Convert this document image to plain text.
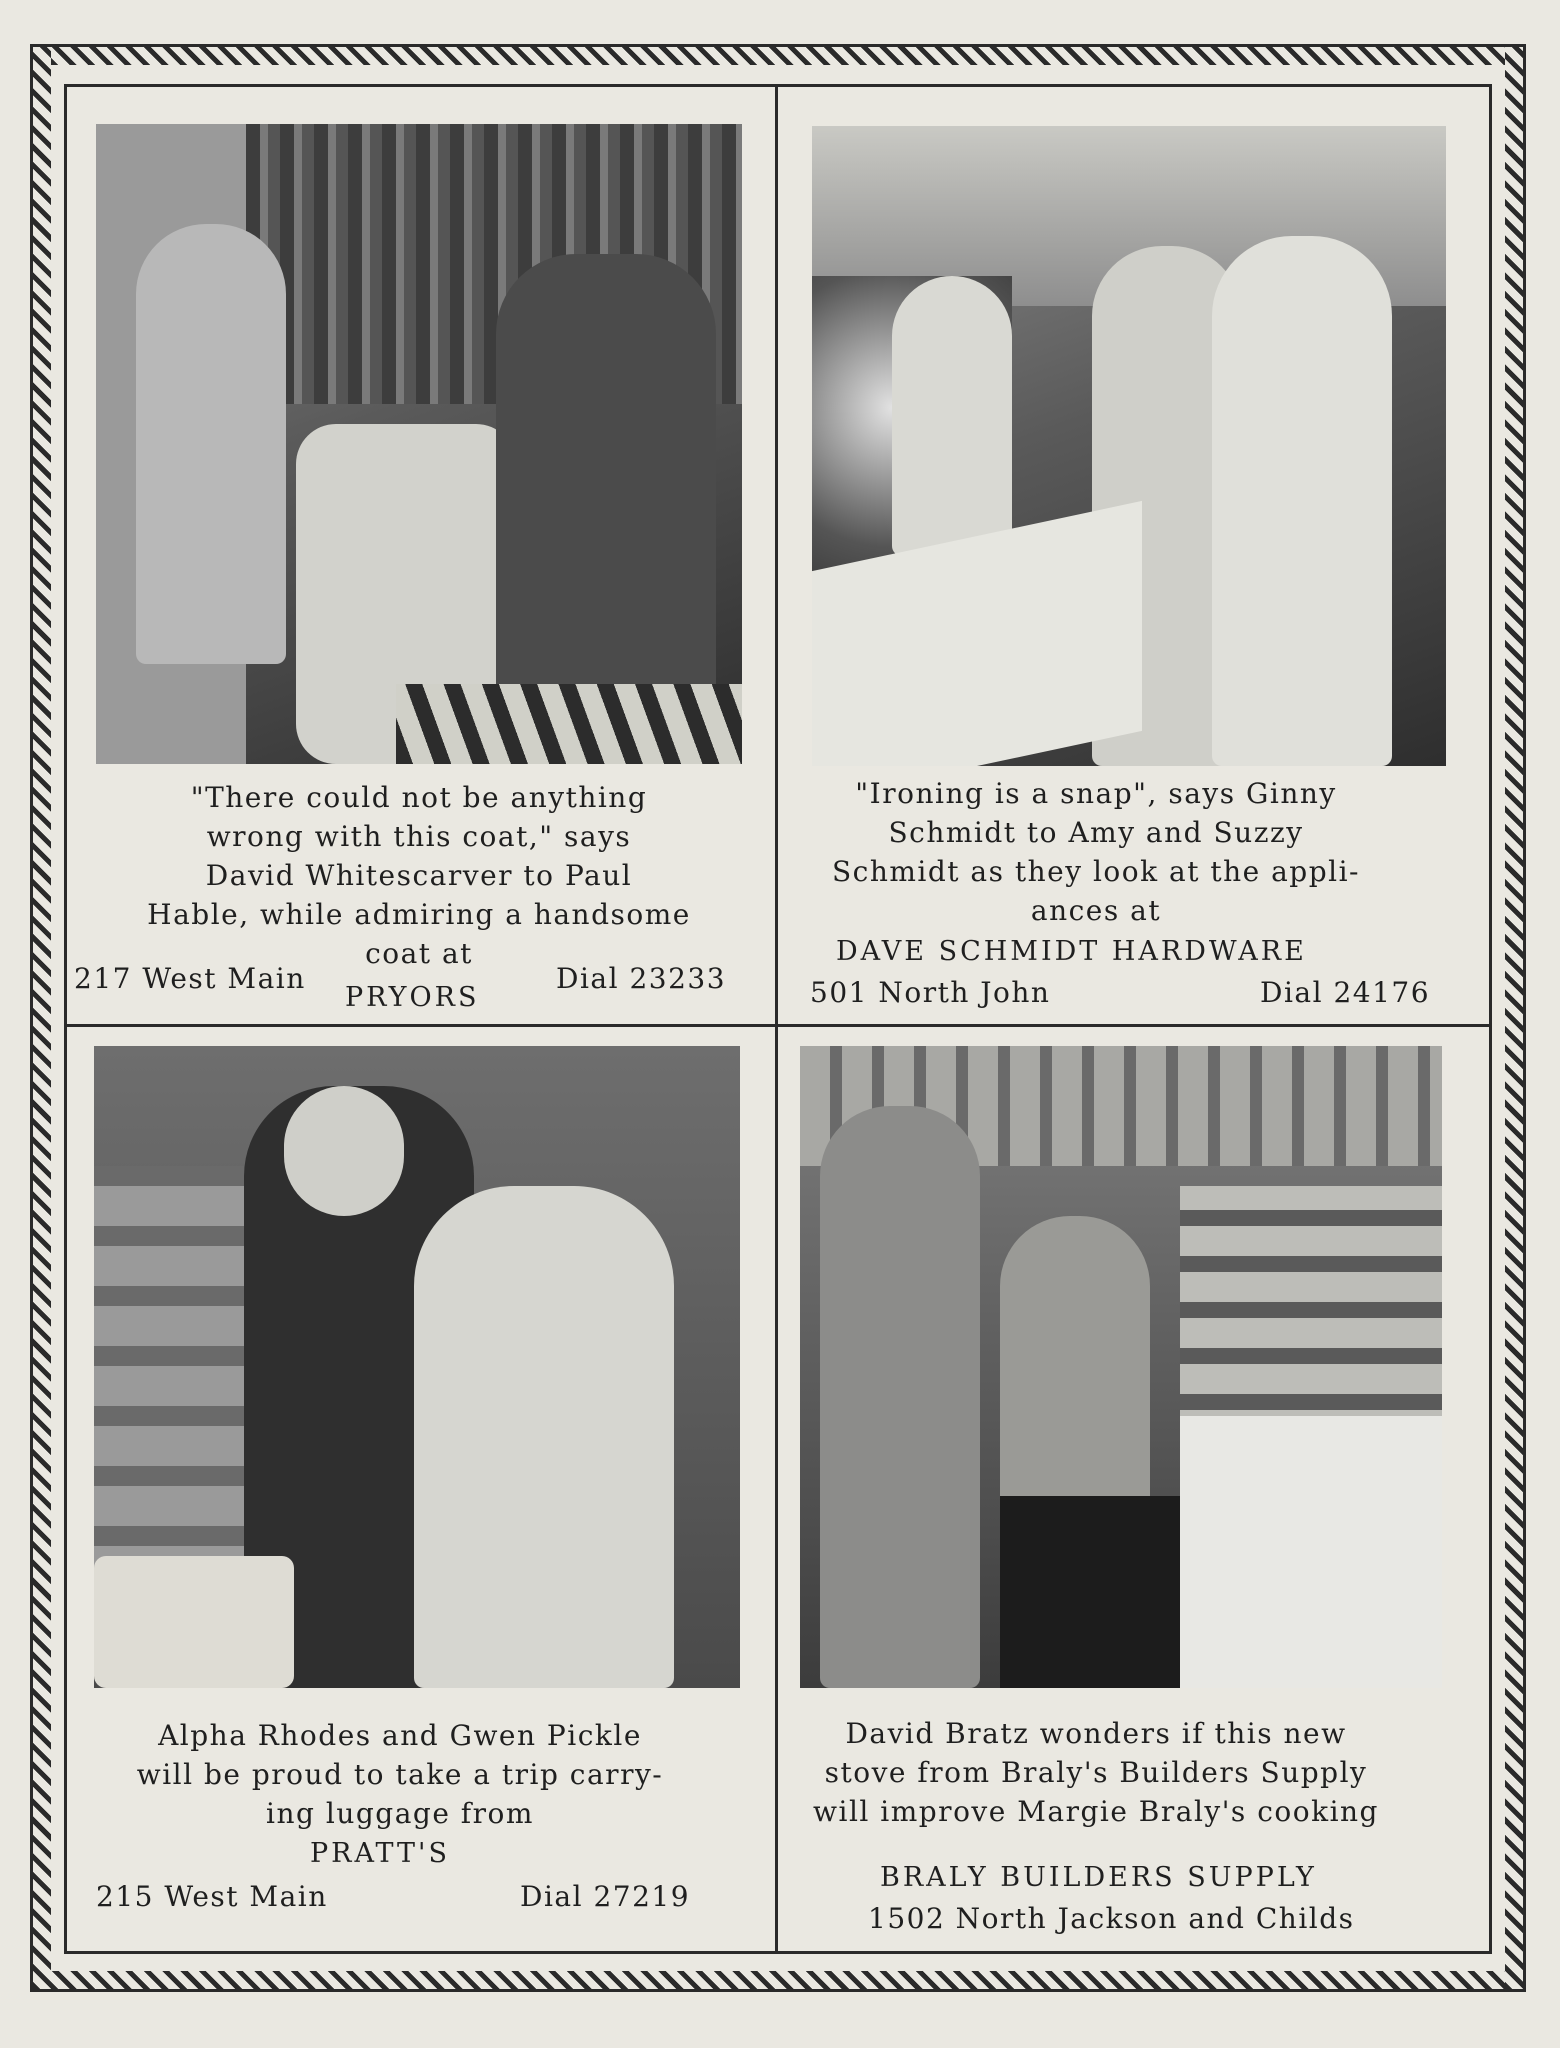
"There could not be anything
wrong with this coat," says
David Whitescarver to Paul
Hable, while admiring a handsome
coat at
217 West Main	Dial 23233
PRYORS
"Ironing is a snap", says Ginny
Schmidt to Amy and Suzzy
Schmidt as they look at the appli-
ances at
DAVE SCHMIDT HARDWARE
501 North John	Dial 24176
Alpha Rhodes and Gwen Pickle
will be proud to take a trip carry-
ing luggage from
PRATT'S
215 West Main	Dial 27219
David Bratz wonders if this new
stove from Braly's Builders Supply
will improve Margie Braly's cooking
BRALY BUILDERS SUPPLY
1502 North Jackson and Childs
